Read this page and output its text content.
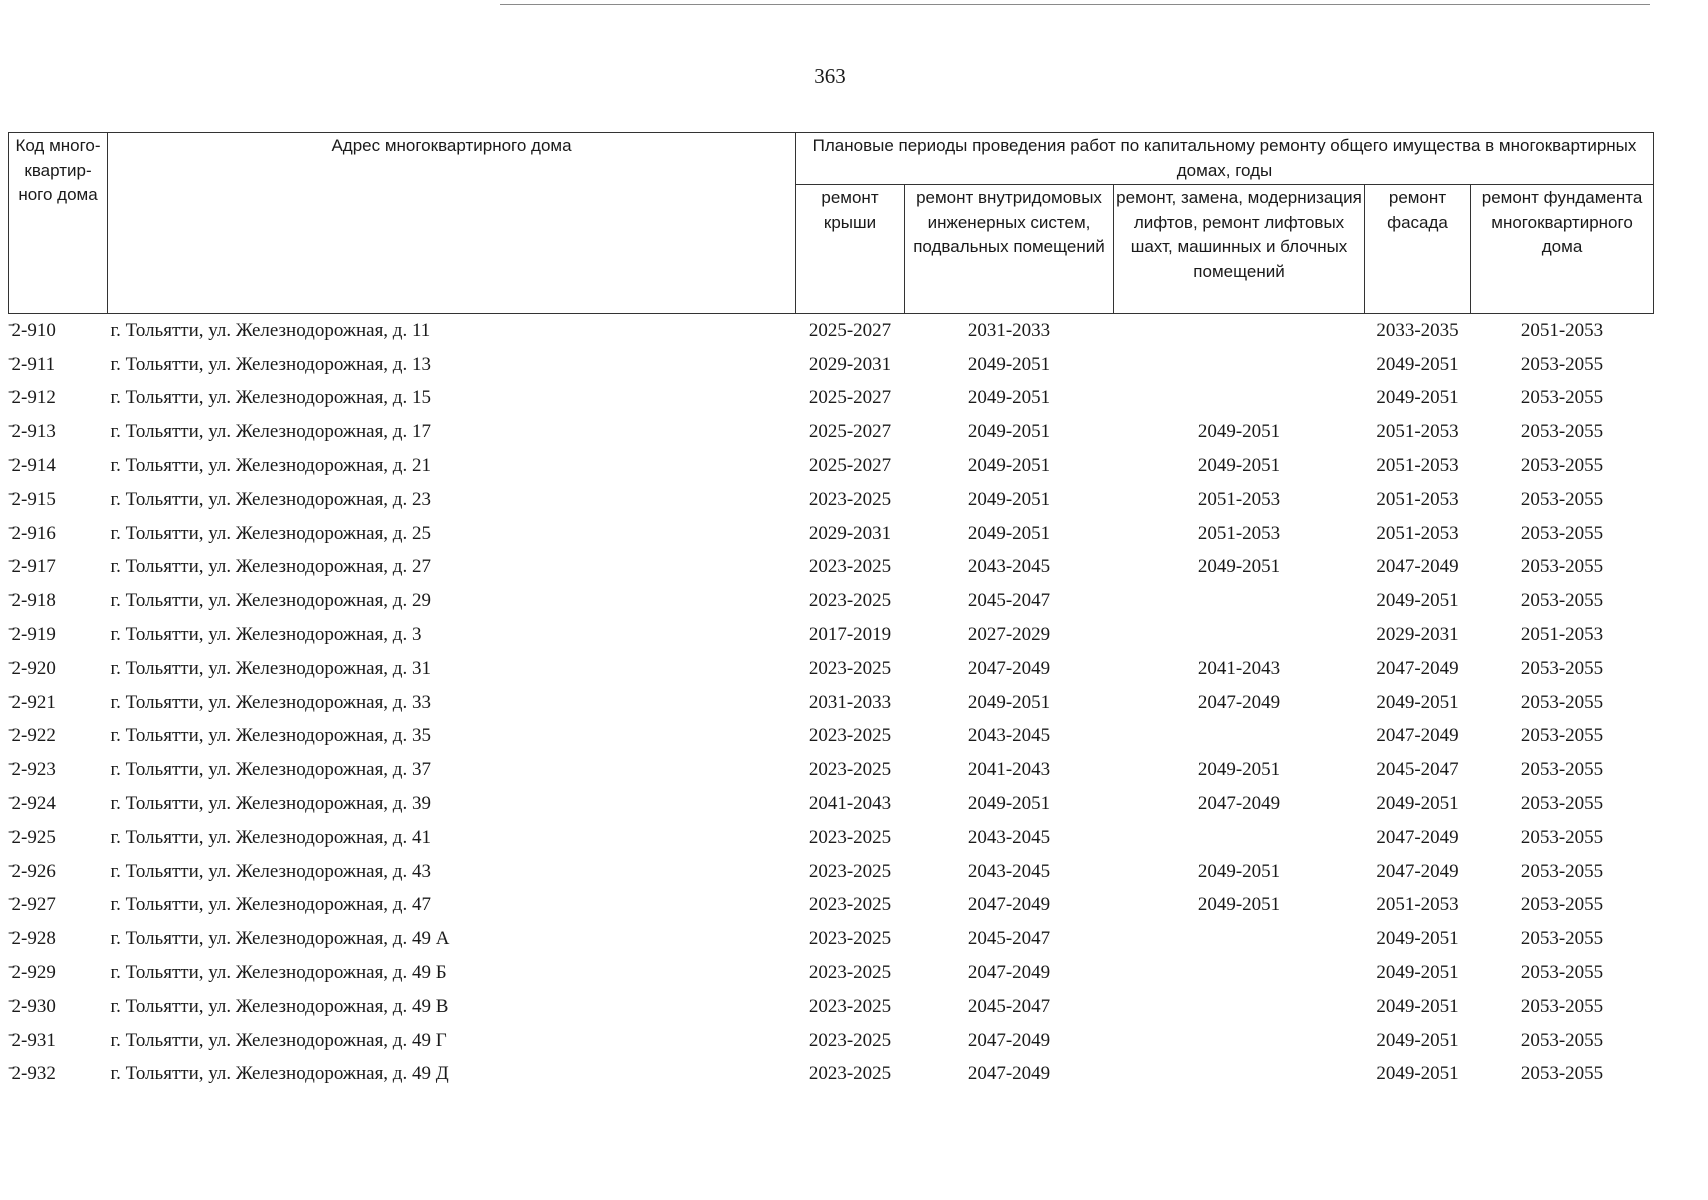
363
Код много-квартир-ного дома	Адрес многоквартирного дома	Плановые периоды проведения работ по капитальному ремонту общего имущества в многоквартирных домах, годы				
		ремонт крыши	ремонт внутридомовых инженерных систем, подвальных помещений	ремонт, замена, модернизация лифтов, ремонт лифтовых шахт, машинных и блочных помещений	ремонт фасада	ремонт фундамента многоквартирного дома
̄2-910	г. Тольятти, ул. Железнодорожная, д. 11	2025-2027	2031-2033		2033-2035	2051-2053
̄2-911	г. Тольятти, ул. Железнодорожная, д. 13	2029-2031	2049-2051		2049-2051	2053-2055
̄2-912	г. Тольятти, ул. Железнодорожная, д. 15	2025-2027	2049-2051		2049-2051	2053-2055
̄2-913	г. Тольятти, ул. Железнодорожная, д. 17	2025-2027	2049-2051	2049-2051	2051-2053	2053-2055
̄2-914	г. Тольятти, ул. Железнодорожная, д. 21	2025-2027	2049-2051	2049-2051	2051-2053	2053-2055
̄2-915	г. Тольятти, ул. Железнодорожная, д. 23	2023-2025	2049-2051	2051-2053	2051-2053	2053-2055
̄2-916	г. Тольятти, ул. Железнодорожная, д. 25	2029-2031	2049-2051	2051-2053	2051-2053	2053-2055
̄2-917	г. Тольятти, ул. Железнодорожная, д. 27	2023-2025	2043-2045	2049-2051	2047-2049	2053-2055
̄2-918	г. Тольятти, ул. Железнодорожная, д. 29	2023-2025	2045-2047		2049-2051	2053-2055
̄2-919	г. Тольятти, ул. Железнодорожная, д. 3	2017-2019	2027-2029		2029-2031	2051-2053
̄2-920	г. Тольятти, ул. Железнодорожная, д. 31	2023-2025	2047-2049	2041-2043	2047-2049	2053-2055
̄2-921	г. Тольятти, ул. Железнодорожная, д. 33	2031-2033	2049-2051	2047-2049	2049-2051	2053-2055
̄2-922	г. Тольятти, ул. Железнодорожная, д. 35	2023-2025	2043-2045		2047-2049	2053-2055
̄2-923	г. Тольятти, ул. Железнодорожная, д. 37	2023-2025	2041-2043	2049-2051	2045-2047	2053-2055
̄2-924	г. Тольятти, ул. Железнодорожная, д. 39	2041-2043	2049-2051	2047-2049	2049-2051	2053-2055
̄2-925	г. Тольятти, ул. Железнодорожная, д. 41	2023-2025	2043-2045		2047-2049	2053-2055
̄2-926	г. Тольятти, ул. Железнодорожная, д. 43	2023-2025	2043-2045	2049-2051	2047-2049	2053-2055
̄2-927	г. Тольятти, ул. Железнодорожная, д. 47	2023-2025	2047-2049	2049-2051	2051-2053	2053-2055
̄2-928	г. Тольятти, ул. Железнодорожная, д. 49 А	2023-2025	2045-2047		2049-2051	2053-2055
̄2-929	г. Тольятти, ул. Железнодорожная, д. 49 Б	2023-2025	2047-2049		2049-2051	2053-2055
̄2-930	г. Тольятти, ул. Железнодорожная, д. 49 В	2023-2025	2045-2047		2049-2051	2053-2055
̄2-931	г. Тольятти, ул. Железнодорожная, д. 49 Г	2023-2025	2047-2049		2049-2051	2053-2055
̄2-932	г. Тольятти, ул. Железнодорожная, д. 49 Д	2023-2025	2047-2049		2049-2051	2053-2055
